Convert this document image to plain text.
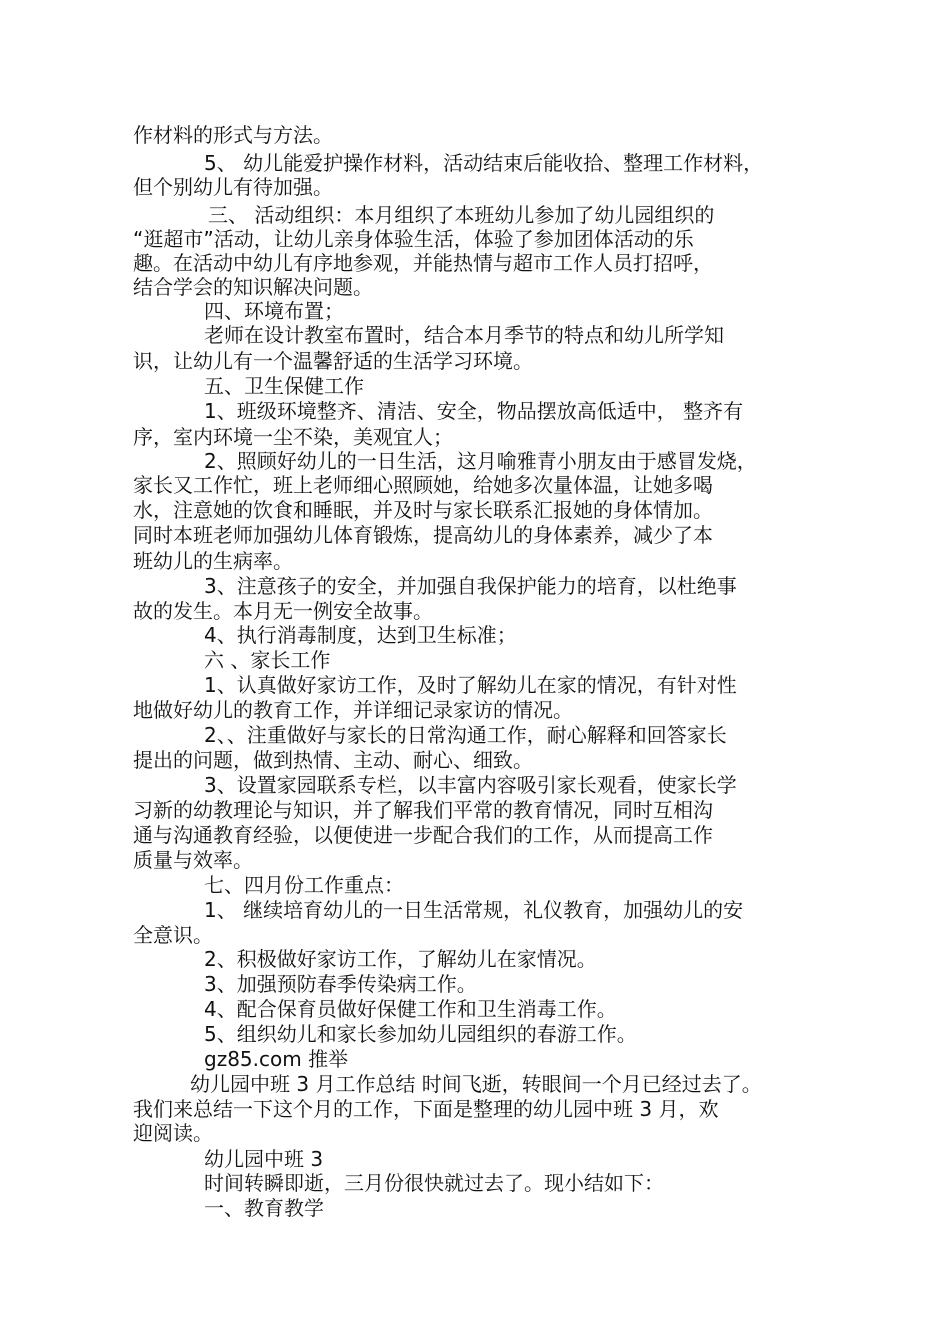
作材料的形式与方法。
5、 幼儿能爱护操作材料，活动结束后能收拾、整理工作材料，
但个别幼儿有待加强。
三、 活动组织：本月组织了本班幼儿参加了幼儿园组织的
“逛超市”活动，让幼儿亲身体验生活，体验了参加团体活动的乐
趣。在活动中幼儿有序地参观，并能热情与超市工作人员打招呼，
结合学会的知识解决问题。
四、环境布置；
老师在设计教室布置时，结合本月季节的特点和幼儿所学知
识，让幼儿有一个温馨舒适的生活学习环境。
五、卫生保健工作
1、班级环境整齐、清洁、安全，物品摆放高低适中， 整齐有
序，室内环境一尘不染，美观宜人；
2、照顾好幼儿的一日生活，这月喻雅青小朋友由于感冒发烧，
家长又工作忙，班上老师细心照顾她，给她多次量体温，让她多喝
水，注意她的饮食和睡眠，并及时与家长联系汇报她的身体情加。
同时本班老师加强幼儿体育锻炼，提高幼儿的身体素养，减少了本
班幼儿的生病率。
3、注意孩子的安全，并加强自我保护能力的培育，以杜绝事
故的发生。本月无一例安全故事。
4、执行消毒制度，达到卫生标准；
六 、家长工作
1、认真做好家访工作，及时了解幼儿在家的情况，有针对性
地做好幼儿的教育工作，并详细记录家访的情况。
2、、注重做好与家长的日常沟通工作，耐心解释和回答家长
提出的问题，做到热情、主动、耐心、细致。
3、设置家园联系专栏，以丰富内容吸引家长观看，使家长学
习新的幼教理论与知识，并了解我们平常的教育情况，同时互相沟
通与沟通教育经验，以便使进一步配合我们的工作，从而提高工作
质量与效率。
七、四月份工作重点：
1、 继续培育幼儿的一日生活常规，礼仪教育，加强幼儿的安
全意识。
2、积极做好家访工作，了解幼儿在家情况。
3、加强预防春季传染病工作。
4、配合保育员做好保健工作和卫生消毒工作。
5、组织幼儿和家长参加幼儿园组织的春游工作。
gz85.com 推举
幼儿园中班 3 月工作总结 时间飞逝，转眼间一个月已经过去了。
我们来总结一下这个月的工作，下面是整理的幼儿园中班 3 月，欢
迎阅读。
幼儿园中班 3
时间转瞬即逝，三月份很快就过去了。现小结如下：
一、教育教学
